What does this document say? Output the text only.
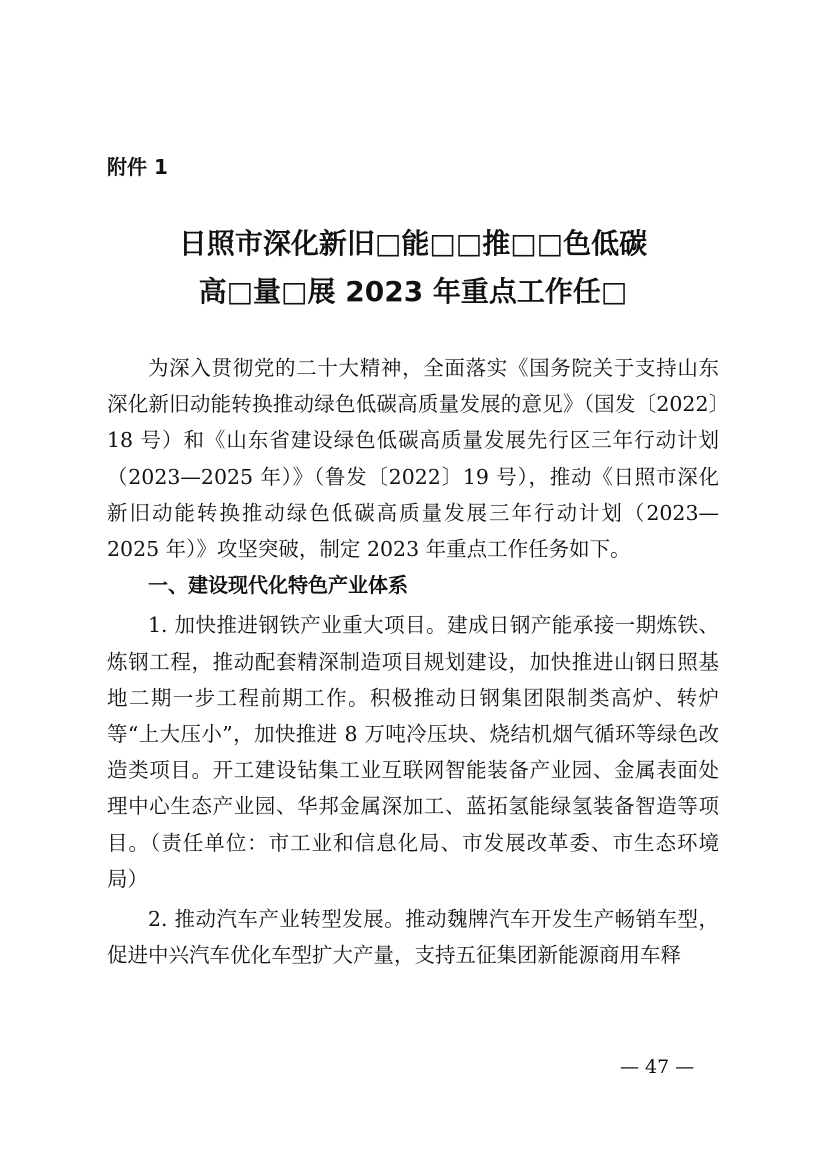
附件 1
日照市深化新旧□能□□推□□色低碳
高□量□展 2023 年重点工作任□

为深入贯彻党的二十大精神，全面落实《国务院关于支持山东深化新旧动能转换推动绿色低碳高质量发展的意见》（国发〔2022〕18 号）和《山东省建设绿色低碳高质量发展先行区三年行动计划（2023—2025 年）》（鲁发〔2022〕19 号），推动《日照市深化新旧动能转换推动绿色低碳高质量发展三年行动计划（2023—2025 年）》攻坚突破，制定 2023 年重点工作任务如下。

一、建设现代化特色产业体系

1. 加快推进钢铁产业重大项目。建成日钢产能承接一期炼铁、炼钢工程，推动配套精深制造项目规划建设，加快推进山钢日照基地二期一步工程前期工作。积极推动日钢集团限制类高炉、转炉等“上大压小”，加快推进 8 万吨冷压块、烧结机烟气循环等绿色改造类项目。开工建设钻集工业互联网智能装备产业园、金属表面处理中心生态产业园、华邦金属深加工、蓝拓氢能绿氢装备智造等项目。（责任单位：市工业和信息化局、市发展改革委、市生态环境局）

2. 推动汽车产业转型发展。推动魏牌汽车开发生产畅销车型，促进中兴汽车优化车型扩大产量，支持五征集团新能源商用车释

— 47 —
